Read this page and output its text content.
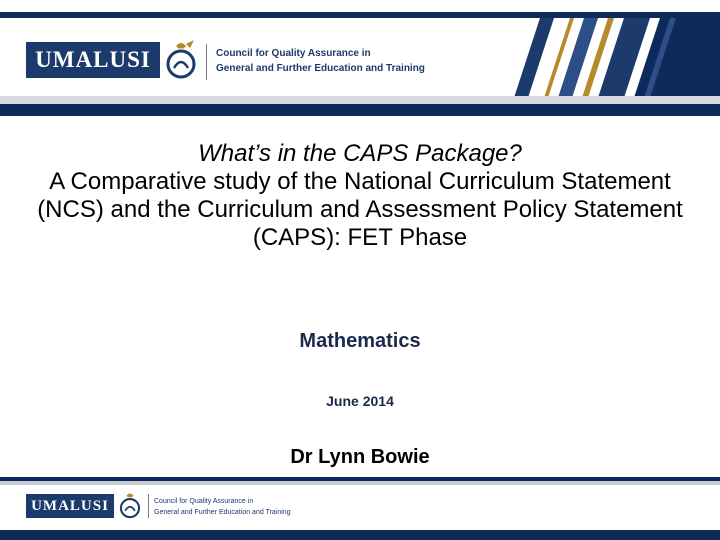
UMALUSI	Council for Quality Assurance in
General and Further Education and Training
What’s in the CAPS Package?
A Comparative study of the National Curriculum Statement (NCS) and the Curriculum and Assessment Policy Statement (CAPS): FET Phase
Mathematics
June 2014
Dr Lynn Bowie
UMALUSI	Council for Quality Assurance in
General and Further Education and Training
